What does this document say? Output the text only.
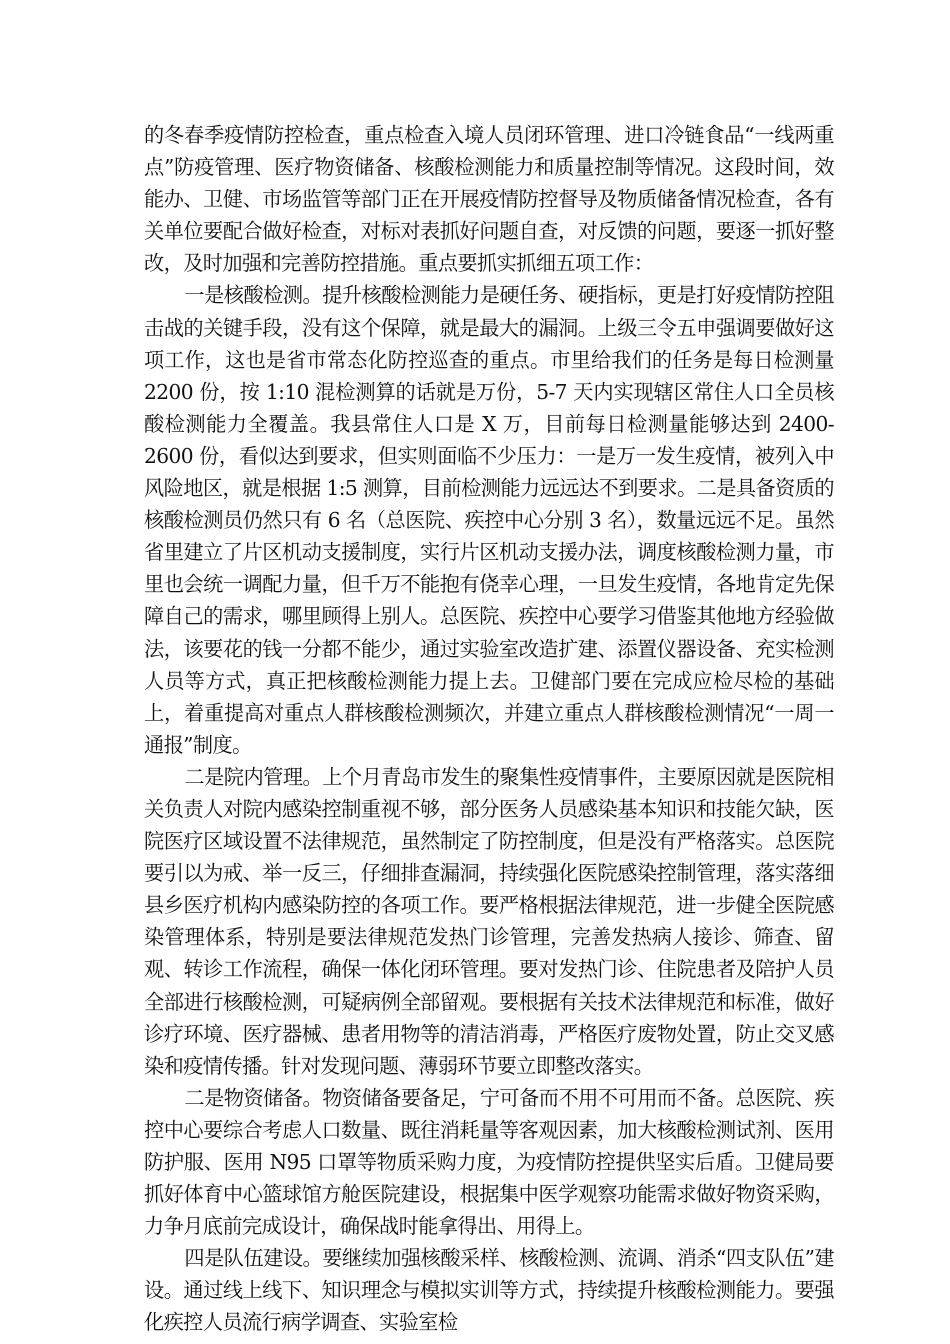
的冬春季疫情防控检查，重点检查入境人员闭环管理、进口冷链食品“一线两重点”防疫管理、医疗物资储备、核酸检测能力和质量控制等情况。这段时间，效能办、卫健、市场监管等部门正在开展疫情防控督导及物质储备情况检查，各有关单位要配合做好检查，对标对表抓好问题自查，对反馈的问题，要逐一抓好整改，及时加强和完善防控措施。重点要抓实抓细五项工作：

一是核酸检测。提升核酸检测能力是硬任务、硬指标，更是打好疫情防控阻击战的关键手段，没有这个保障，就是最大的漏洞。上级三令五申强调要做好这项工作，这也是省市常态化防控巡查的重点。市里给我们的任务是每日检测量 2200 份，按 1:10 混检测算的话就是万份，5-7 天内实现辖区常住人口全员核酸检测能力全覆盖。我县常住人口是 X 万，目前每日检测量能够达到 2400-2600 份，看似达到要求，但实则面临不少压力：一是万一发生疫情，被列入中风险地区，就是根据 1:5 测算，目前检测能力远远达不到要求。二是具备资质的核酸检测员仍然只有 6 名（总医院、疾控中心分别 3 名），数量远远不足。虽然省里建立了片区机动支援制度，实行片区机动支援办法，调度核酸检测力量，市里也会统一调配力量，但千万不能抱有侥幸心理，一旦发生疫情，各地肯定先保障自己的需求，哪里顾得上别人。总医院、疾控中心要学习借鉴其他地方经验做法，该要花的钱一分都不能少，通过实验室改造扩建、添置仪器设备、充实检测人员等方式，真正把核酸检测能力提上去。卫健部门要在完成应检尽检的基础上，着重提高对重点人群核酸检测频次，并建立重点人群核酸检测情况“一周一通报”制度。

二是院内管理。上个月青岛市发生的聚集性疫情事件，主要原因就是医院相关负责人对院内感染控制重视不够，部分医务人员感染基本知识和技能欠缺，医院医疗区域设置不法律规范，虽然制定了防控制度，但是没有严格落实。总医院要引以为戒、举一反三，仔细排查漏洞，持续强化医院感染控制管理，落实落细县乡医疗机构内感染防控的各项工作。要严格根据法律规范，进一步健全医院感染管理体系，特别是要法律规范发热门诊管理，完善发热病人接诊、筛查、留观、转诊工作流程，确保一体化闭环管理。要对发热门诊、住院患者及陪护人员全部进行核酸检测，可疑病例全部留观。要根据有关技术法律规范和标准，做好诊疗环境、医疗器械、患者用物等的清洁消毒，严格医疗废物处置，防止交叉感染和疫情传播。针对发现问题、薄弱环节要立即整改落实。

二是物资储备。物资储备要备足，宁可备而不用不可用而不备。总医院、疾控中心要综合考虑人口数量、既往消耗量等客观因素，加大核酸检测试剂、医用防护服、医用 N95 口罩等物质采购力度，为疫情防控提供坚实后盾。卫健局要抓好体育中心篮球馆方舱医院建设，根据集中医学观察功能需求做好物资采购，力争月底前完成设计，确保战时能拿得出、用得上。

四是队伍建设。要继续加强核酸采样、核酸检测、流调、消杀“四支队伍”建设。通过线上线下、知识理念与模拟实训等方式，持续提升核酸检测能力。要强化疾控人员流行病学调查、实验室检
